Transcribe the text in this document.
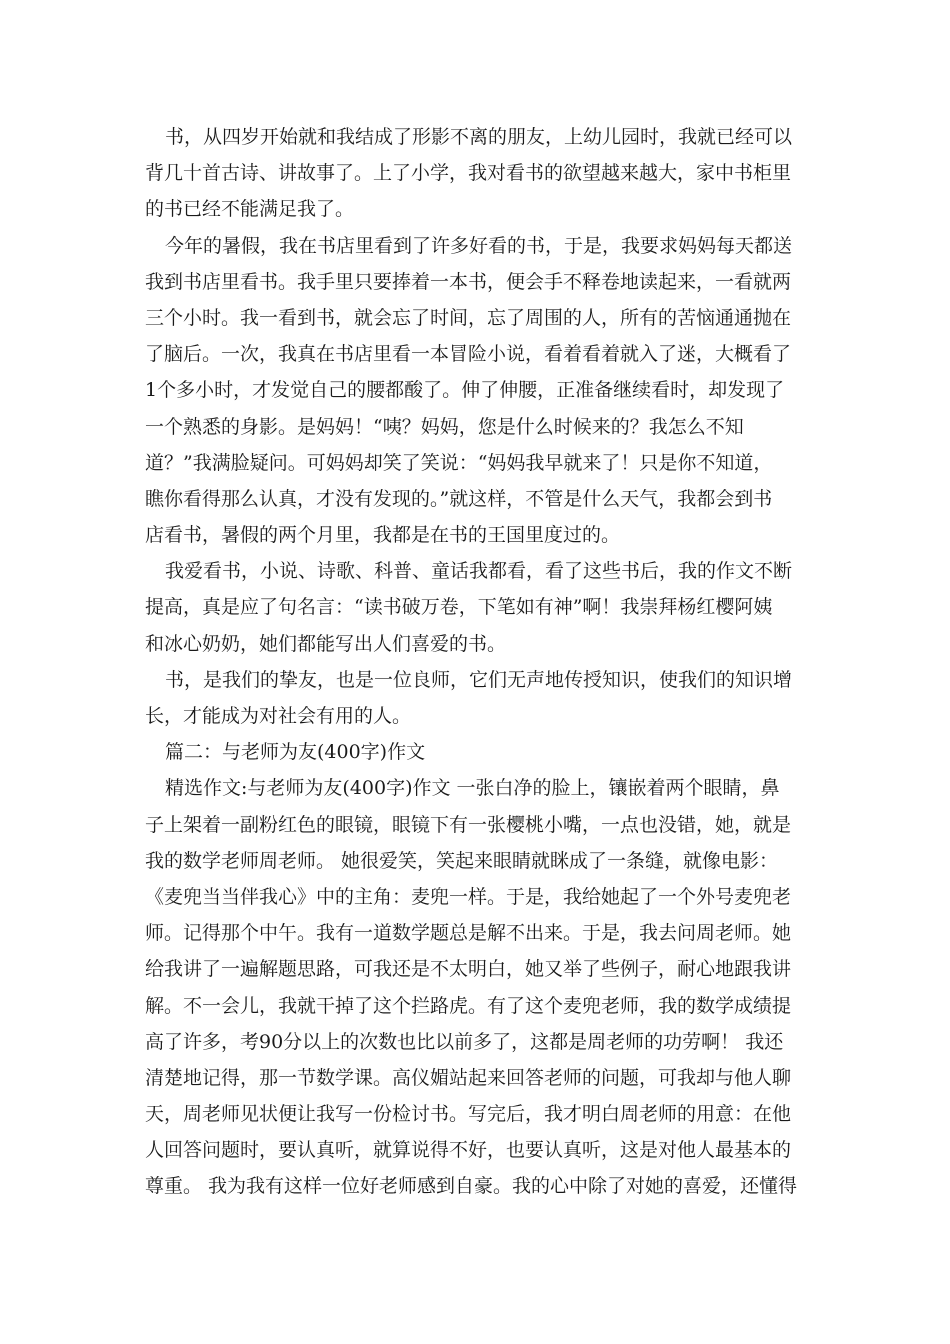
书，从四岁开始就和我结成了形影不离的朋友，上幼儿园时，我就已经可以
背几十首古诗、讲故事了。上了小学，我对看书的欲望越来越大，家中书柜里
的书已经不能满足我了。
今年的暑假，我在书店里看到了许多好看的书，于是，我要求妈妈每天都送
我到书店里看书。我手里只要捧着一本书，便会手不释卷地读起来，一看就两
三个小时。我一看到书，就会忘了时间，忘了周围的人，所有的苦恼通通抛在
了脑后。一次，我真在书店里看一本冒险小说，看着看着就入了迷，大概看了
1个多小时，才发觉自己的腰都酸了。伸了伸腰，正准备继续看时，却发现了
一个熟悉的身影。是妈妈！“咦？妈妈，您是什么时候来的？我怎么不知
道？”我满脸疑问。可妈妈却笑了笑说：“妈妈我早就来了！只是你不知道，
瞧你看得那么认真，才没有发现的。”就这样，不管是什么天气，我都会到书
店看书，暑假的两个月里，我都是在书的王国里度过的。
我爱看书，小说、诗歌、科普、童话我都看，看了这些书后，我的作文不断
提高，真是应了句名言：“读书破万卷，下笔如有神”啊！我崇拜杨红樱阿姨
和冰心奶奶，她们都能写出人们喜爱的书。
书，是我们的挚友，也是一位良师，它们无声地传授知识，使我们的知识增
长，才能成为对社会有用的人。
篇二：与老师为友(400字)作文
精选作文:与老师为友(400字)作文 一张白净的脸上，镶嵌着两个眼睛，鼻
子上架着一副粉红色的眼镜，眼镜下有一张樱桃小嘴，一点也没错，她，就是
我的数学老师周老师。 她很爱笑，笑起来眼睛就眯成了一条缝，就像电影：
《麦兜当当伴我心》中的主角：麦兜一样。于是，我给她起了一个外号麦兜老
师。记得那个中午。我有一道数学题总是解不出来。于是，我去问周老师。她
给我讲了一遍解题思路，可我还是不太明白，她又举了些例子，耐心地跟我讲
解。不一会儿，我就干掉了这个拦路虎。有了这个麦兜老师，我的数学成绩提
高了许多，考90分以上的次数也比以前多了，这都是周老师的功劳啊！ 我还
清楚地记得，那一节数学课。高仪媚站起来回答老师的问题，可我却与他人聊
天，周老师见状便让我写一份检讨书。写完后，我才明白周老师的用意：在他
人回答问题时，要认真听，就算说得不好，也要认真听，这是对他人最基本的
尊重。 我为我有这样一位好老师感到自豪。我的心中除了对她的喜爱，还懂得
